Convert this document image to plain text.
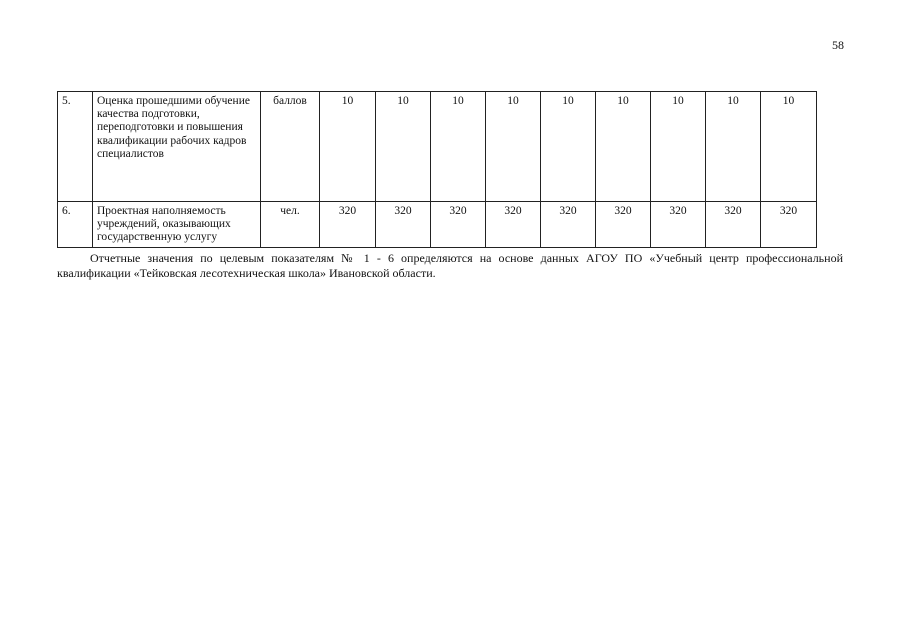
58
5.	Оценка прошедшими обучение качества подготовки, переподготовки и повышения квалификации рабочих кадров специалистов	баллов	10	10	10	10	10	10	10	10	10
6.	Проектная наполняемость учреждений, оказывающих государственную услугу	чел.	320	320	320	320	320	320	320	320	320

Отчетные значения по целевым показателям № 1 - 6 определяются на основе данных АГОУ ПО «Учебный центр профессиональной квалификации «Тейковская лесотехническая школа» Ивановской области.
